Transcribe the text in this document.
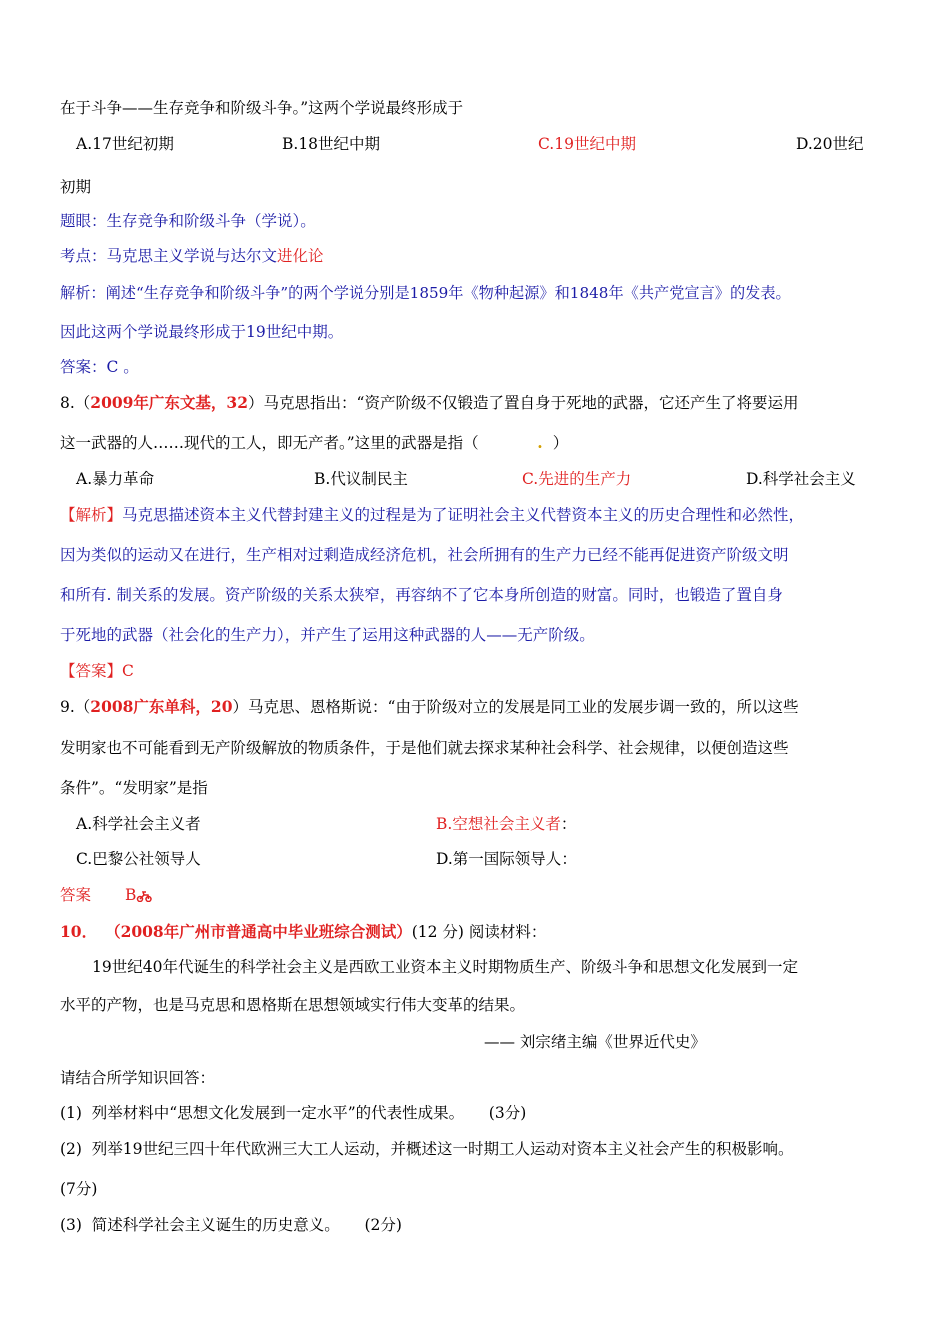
在于斗争——生存竞争和阶级斗争。”这两个学说最终形成于
A.17世纪初期	B.18世纪中期	C.19世纪中期	D.20世纪
初期
题眼：生存竞争和阶级斗争（学说）。
考点：马克思主义学说与达尔文进化论
解析：阐述“生存竞争和阶级斗争”的两个学说分别是1859年《物种起源》和1848年《共产党宣言》的发表。
因此这两个学说最终形成于19世纪中期。
答案：C 。
8.（2009年广东文基，32）马克思指出：“资产阶级不仅锻造了置自身于死地的武器，它还产生了将要运用
这一武器的人……现代的工人，即无产者。”这里的武器是指（	. ）
A.暴力革命	B.代议制民主	C.先进的生产力	D.科学社会主义
【解析】马克思描述资本主义代替封建主义的过程是为了证明社会主义代替资本主义的历史合理性和必然性，
因为类似的运动又在进行，生产相对过剩造成经济危机，社会所拥有的生产力已经不能再促进资产阶级文明
和所有. 制关系的发展。资产阶级的关系太狭窄，再容纳不了它本身所创造的财富。同时，也锻造了置自身
于死地的武器（社会化的生产力），并产生了运用这种武器的人——无产阶级。
【答案】C
9.（2008广东单科，20）马克思、恩格斯说：“由于阶级对立的发展是同工业的发展步调一致的，所以这些
发明家也不可能看到无产阶级解放的物质条件，于是他们就去探求某种社会科学、社会规律，以便创造这些
条件”。“发明家”是指
A.科学社会主义者	B.空想社会主义者：
C.巴黎公社领导人	D.第一国际领导人：
答案 B
10． （2008年广州市普通高中毕业班综合测试）(12 分) 阅读材料：
19世纪40年代诞生的科学社会主义是西欧工业资本主义时期物质生产、阶级斗争和思想文化发展到一定
水平的产物，也是马克思和恩格斯在思想领域实行伟大变革的结果。
—— 刘宗绪主编《世界近代史》
请结合所学知识回答：
(1)  列举材料中“思想文化发展到一定水平”的代表性成果。     (3分)
(2)  列举19世纪三四十年代欧洲三大工人运动，并概述这一时期工人运动对资本主义社会产生的积极影响。
(7分)
(3)  简述科学社会主义诞生的历史意义。     (2分)
